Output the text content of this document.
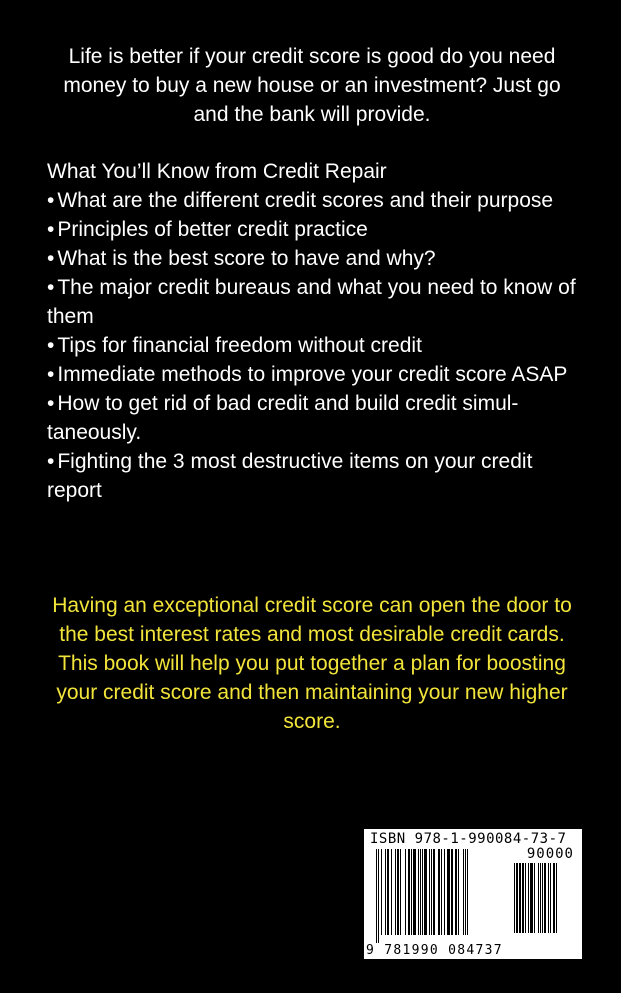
Life is better if your credit score is good do you need money to buy a new house or an investment? Just go and the bank will provide.
What You’ll Know from Credit Repair
• What are the different credit scores and their purpose
• Principles of better credit practice
• What is the best score to have and why?
• The major credit bureaus and what you need to know of them
• Tips for financial freedom without credit
• Immediate methods to improve your credit score ASAP
• How to get rid of bad credit and build credit simul-taneously.
• Fighting the 3 most destructive items on your credit report
Having an exceptional credit score can open the door to the best interest rates and most desirable credit cards. This book will help you put together a plan for boosting your credit score and then maintaining your new higher score.
ISBN 978-1-990084-73-7
90000
9 781990 084737
